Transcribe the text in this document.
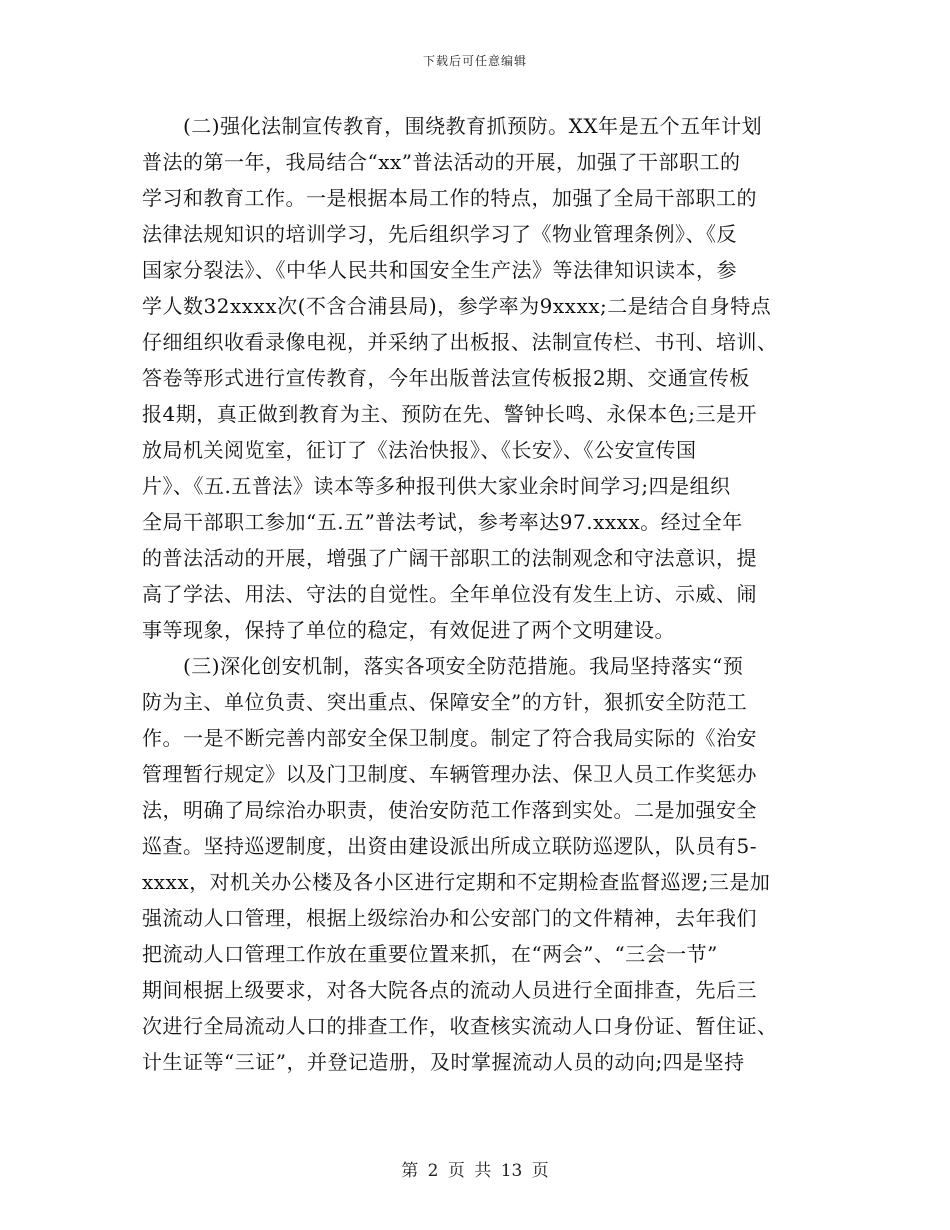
下载后可任意编辑
　　(二)强化法制宣传教育，围绕教育抓预防。XX年是五个五年计划
普法的第一年，我局结合“xx”普法活动的开展，加强了干部职工的
学习和教育工作。一是根据本局工作的特点，加强了全局干部职工的
法律法规知识的培训学习，先后组织学习了《物业管理条例》、《反
国家分裂法》、《中华人民共和国安全生产法》等法律知识读本，参
学人数32xxxx次(不含合浦县局)，参学率为9xxxx;二是结合自身特点
仔细组织收看录像电视，并采纳了出板报、法制宣传栏、书刊、培训、
答卷等形式进行宣传教育，今年出版普法宣传板报2期、交通宣传板
报4期，真正做到教育为主、预防在先、警钟长鸣、永保本色;三是开
放局机关阅览室，征订了《法治快报》、《长安》、《公安宣传国
片》、《五.五普法》读本等多种报刊供大家业余时间学习;四是组织
全局干部职工参加“五.五”普法考试，参考率达97.xxxx。经过全年
的普法活动的开展，增强了广阔干部职工的法制观念和守法意识，提
高了学法、用法、守法的自觉性。全年单位没有发生上访、示威、闹
事等现象，保持了单位的稳定，有效促进了两个文明建设。
　　(三)深化创安机制，落实各项安全防范措施。我局坚持落实“预
防为主、单位负责、突出重点、保障安全”的方针，狠抓安全防范工
作。一是不断完善内部安全保卫制度。制定了符合我局实际的《治安
管理暂行规定》以及门卫制度、车辆管理办法、保卫人员工作奖惩办
法，明确了局综治办职责，使治安防范工作落到实处。二是加强安全
巡查。坚持巡逻制度，出资由建设派出所成立联防巡逻队，队员有5-
xxxx，对机关办公楼及各小区进行定期和不定期检查监督巡逻;三是加
强流动人口管理，根据上级综治办和公安部门的文件精神，去年我们
把流动人口管理工作放在重要位置来抓，在“两会”、“三会一节”
期间根据上级要求，对各大院各点的流动人员进行全面排查，先后三
次进行全局流动人口的排查工作，收查核实流动人口身份证、暂住证、
计生证等“三证”，并登记造册，及时掌握流动人员的动向;四是坚持
第 2 页 共 13 页
